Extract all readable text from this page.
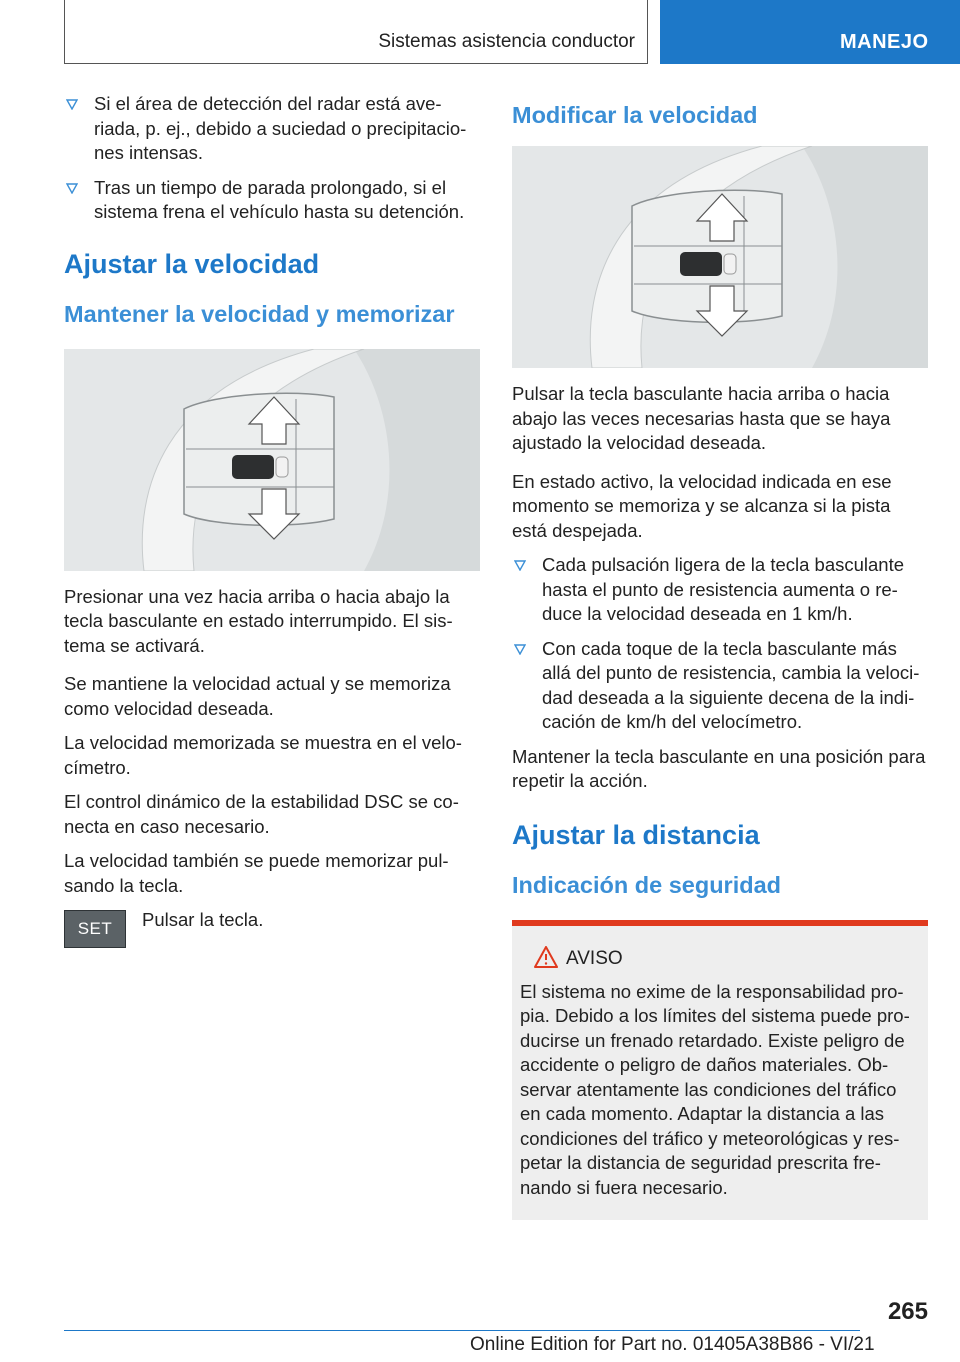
Sistemas asistencia conductor	MANEJO

Si el área de detección del radar está ave-riada, p. ej., debido a suciedad o precipitacio-nes intensas.

Tras un tiempo de parada prolongado, si el sistema frena el vehículo hasta su detención.

Ajustar la velocidad
Mantener la velocidad y memorizar

Presionar una vez hacia arriba o hacia abajo la tecla basculante en estado interrumpido. El sis-tema se activará.

Se mantiene la velocidad actual y se memoriza como velocidad deseada.

La velocidad memorizada se muestra en el velo-címetro.

El control dinámico de la estabilidad DSC se co-necta en caso necesario.

La velocidad también se puede memorizar pul-sando la tecla.

SET	Pulsar la tecla.

Modificar la velocidad

Pulsar la tecla basculante hacia arriba o hacia abajo las veces necesarias hasta que se haya ajustado la velocidad deseada.

En estado activo, la velocidad indicada en ese momento se memoriza y se alcanza si la pista está despejada.

Cada pulsación ligera de la tecla basculante hasta el punto de resistencia aumenta o re-duce la velocidad deseada en 1 km/h.

Con cada toque de la tecla basculante más allá del punto de resistencia, cambia la veloci-dad deseada a la siguiente decena de la indi-cación de km/h del velocímetro.

Mantener la tecla basculante en una posición para repetir la acción.

Ajustar la distancia
Indicación de seguridad
AVISO

El sistema no exime de la responsabilidad pro-pia. Debido a los límites del sistema puede pro-ducirse un frenado retardado. Existe peligro de accidente o peligro de daños materiales. Ob-servar atentamente las condiciones del tráfico en cada momento. Adaptar la distancia a las condiciones del tráfico y meteorológicas y res-petar la distancia de seguridad prescrita fre-nando si fuera necesario.

265
Online Edition for Part no. 01405A38B86 - VI/21
